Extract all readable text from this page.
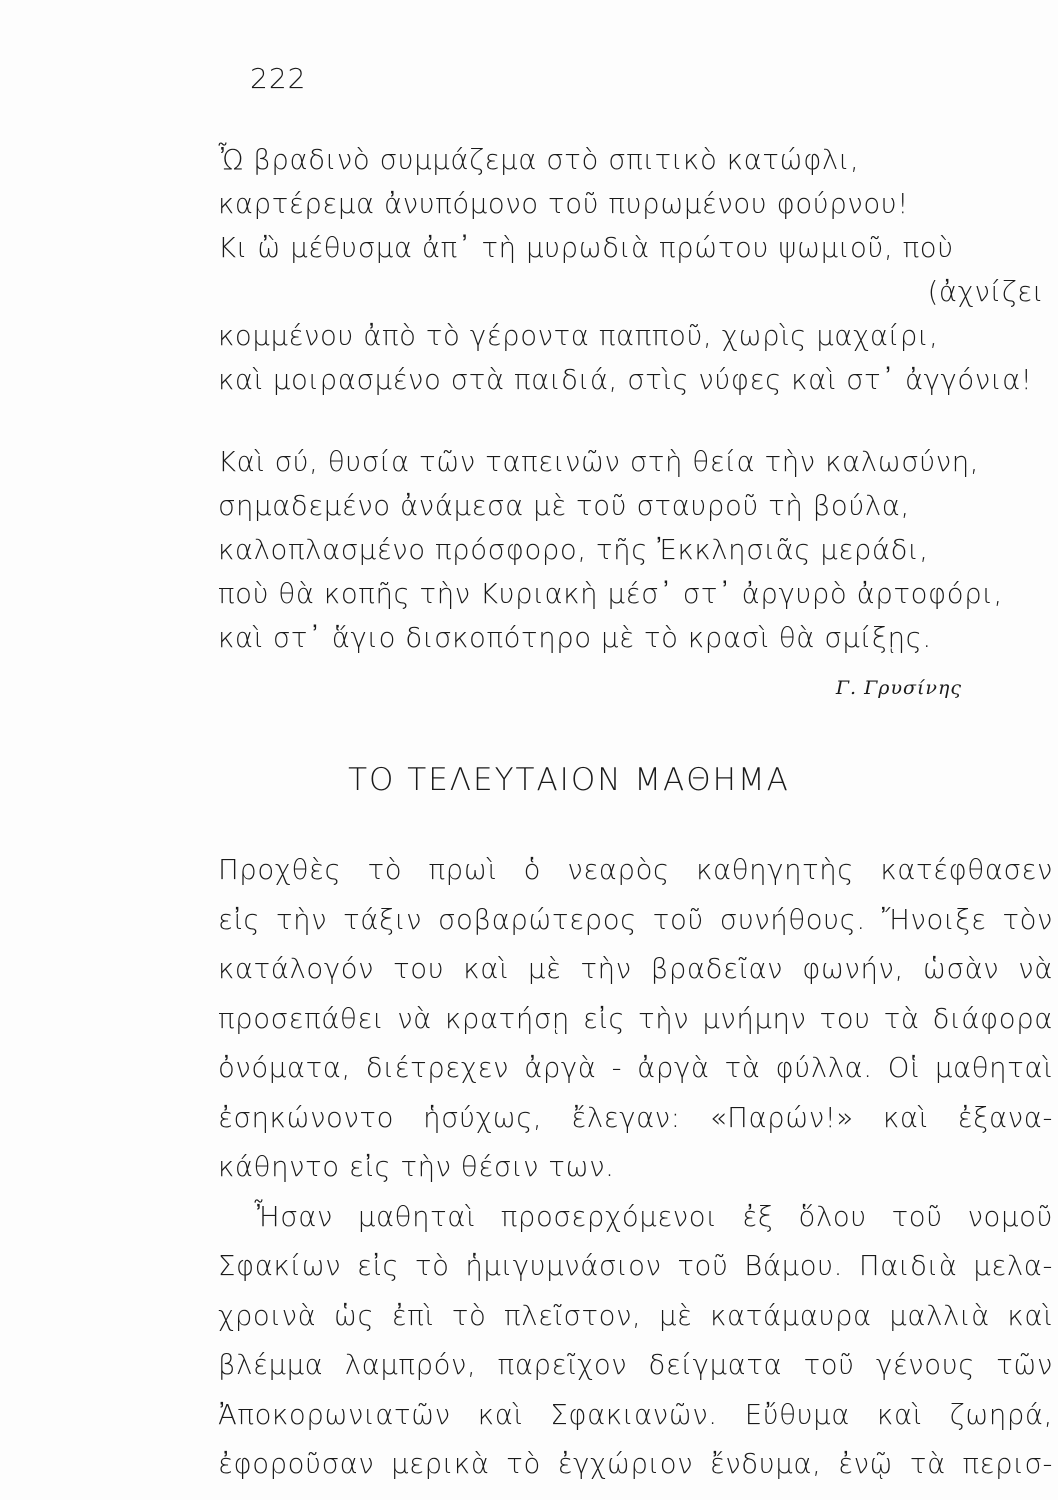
222
Ὦ βραδινὸ συμμάζεμα στὸ σπιτικὸ κατώφλι,
καρτέρεμα ἀνυπόμονο τοῦ πυρωμένου φούρνου!
Κι ὢ μέθυσμα ἀπ᾽ τὴ μυρωδιὰ πρώτου ψωμιοῦ, ποὺ
(ἀχνίζει
κομμένου ἀπὸ τὸ γέροντα παπποῦ, χωρὶς μαχαίρι,
καὶ μοιρασμένο στὰ παιδιά, στὶς νύφες καὶ στ᾽ ἀγγόνια!
Καὶ σύ, θυσία τῶν ταπεινῶν στὴ θεία τὴν καλωσύνη,
σημαδεμένο ἀνάμεσα μὲ τοῦ σταυροῦ τὴ βούλα,
καλοπλασμένο πρόσφορο, τῆς Ἐκκλησιᾶς μεράδι,
ποὺ θὰ κοπῆς τὴν Κυριακὴ μέσ᾽ στ᾽ ἀργυρὸ ἀρτοφόρι,
καὶ στ᾽ ἅγιο δισκοπότηρο μὲ τὸ κρασὶ θὰ σμίξῃς.
Γ. Γρυσίνης
ΤΟ ΤΕΛΕΥΤΑΙΟΝ ΜΑΘΗΜΑ
Προχθὲς τὸ πρωὶ ὁ νεαρὸς καθηγητὴς κατέφθασεν
εἰς τὴν τάξιν σοβαρώτερος τοῦ συνήθους. Ἤνοιξε τὸν
κατάλογόν του καὶ μὲ τὴν βραδεῖαν φωνήν, ὡσὰν νὰ
προσεπάθει νὰ κρατήσῃ εἰς τὴν μνήμην του τὰ διάφορα
ὀνόματα, διέτρεχεν ἀργὰ - ἀργὰ τὰ φύλλα. Οἱ μαθηταὶ
ἐσηκώνοντο ἡσύχως, ἔλεγαν: «Παρών!» καὶ ἐξανα-
κάθηντο εἰς τὴν θέσιν των.
Ἦσαν μαθηταὶ προσερχόμενοι ἐξ ὅλου τοῦ νομοῦ
Σφακίων εἰς τὸ ἡμιγυμνάσιον τοῦ Βάμου. Παιδιὰ μελα-
χροινὰ ὡς ἐπὶ τὸ πλεῖστον, μὲ κατάμαυρα μαλλιὰ καὶ
βλέμμα λαμπρόν, παρεῖχον δείγματα τοῦ γένους τῶν
Ἀποκορωνιατῶν καὶ Σφακιανῶν. Εὔθυμα καὶ ζωηρά,
ἐφοροῦσαν μερικὰ τὸ ἐγχώριον ἔνδυμα, ἐνῷ τὰ περισ-
